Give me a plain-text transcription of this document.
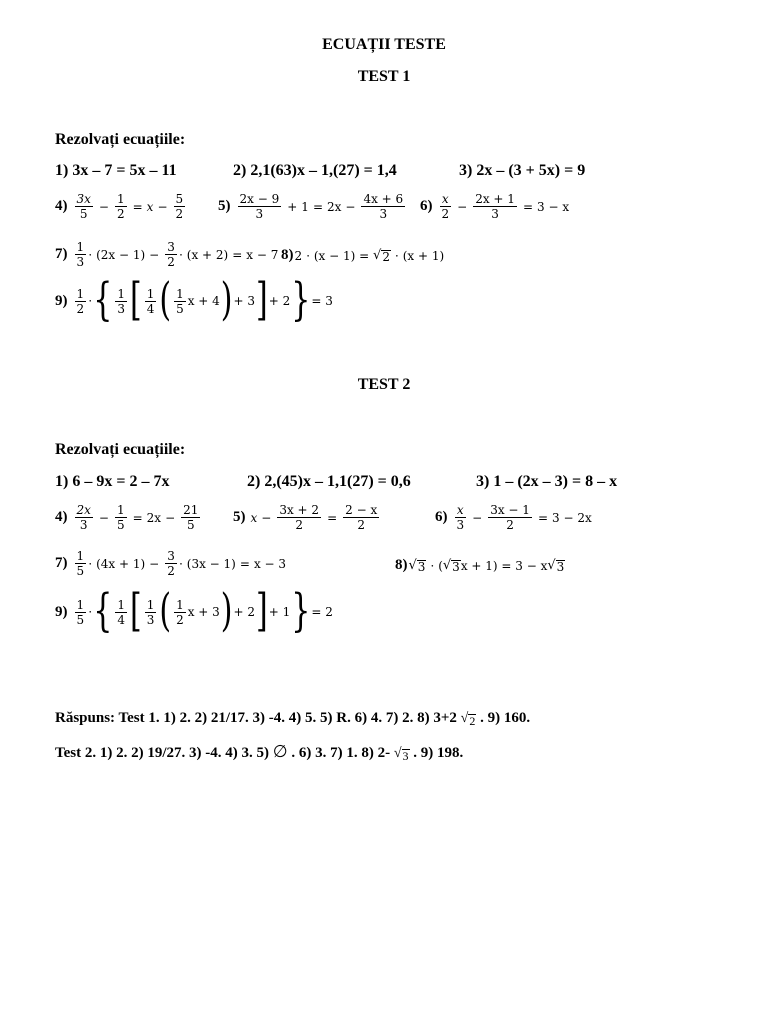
ECUAȚII TESTE
TEST 1
Rezolvați ecuațiile:
1) 3x – 7 = 5x – 11	2) 2,1(63)x – 1,(27) = 1,4	3) 2x – (3 + 5x) = 9
$4) \frac{3x}{5} - \frac{1}{2} = x - \frac{5}{2} 5) \frac{2x - 9}{3} + 1 = 2x - \frac{4x + 6}{3} 6) \frac{x}{2} - \frac{2x + 1}{3} = 3 - x$
$7) \frac{1}{3} \cdot (2x - 1) - \frac{3}{2} \cdot (x + 2) = x - 7$ 8) 2 ⋅ (x − 1) =
√ 2
⋅ (x + 1)
$9) \frac{1}{2}$ ⋅ { $\frac{1}{3}$ [ $\frac{1}{4}$ ( $\frac{1}{5}$ x + 4 ) + 3 ] + 2 } = 3
TEST 2
Rezolvați ecuațiile:
1) 6 – 9x = 2 – 7x	2) 2,(45)x – 1,1(27) = 0,6	3) 1 – (2x – 3) = 8 – x
$4) \frac{2x}{3} - \frac{1}{5} = 2x - \frac{21}{5} 5$) $x - \frac{3x + 2}{2} = \frac{2 - x}{2}$	$6) \frac{x}{3} - \frac{3x - 1}{2} = 3 - 2x$
$7) \frac{1}{5} \cdot (4x + 1) - \frac{3}{2} \cdot (3x - 1) = x - 3$	8) √ 3
⋅ ( √ 3 x + 1) = 3 − x √ 3
$9) \frac{1}{5}$ ⋅ { $\frac{1}{4}$ [ $\frac{1}{3}$ ( $\frac{1}{2}$ x + 3 ) + 2 ] + 1 } = 2
Răspuns: Test 1. 1) 2. 2) 21/17. 3) -4. 4) 5. 5) R. 6) 4. 7) 2. 8) 3+2
√ 2
. 9) 160.
Test 2. 1) 2. 2) 19/27. 3) -4. 4) 3. 5)
∅
. 6) 3. 7) 1. 8) 2-
√ 3
. 9) 198.
